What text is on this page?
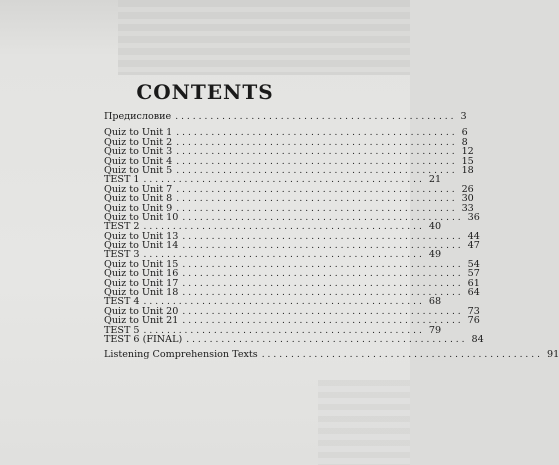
CONTENTS
Предисловие ................................................ 3
Quiz to Unit 1 ................................................ 6
Quiz to Unit 2 ................................................ 8
Quiz to Unit 3 ................................................ 12
Quiz to Unit 4 ................................................ 15
Quiz to Unit 5 ................................................ 18
TEST 1 ................................................ 21
Quiz to Unit 7 ................................................ 26
Quiz to Unit 8 ................................................ 30
Quiz to Unit 9 ................................................ 33
Quiz to Unit 10 ................................................ 36
TEST 2 ................................................ 40
Quiz to Unit 13 ................................................ 44
Quiz to Unit 14 ................................................ 47
TEST 3 ................................................ 49
Quiz to Unit 15 ................................................ 54
Quiz to Unit 16 ................................................ 57
Quiz to Unit 17 ................................................ 61
Quiz to Unit 18 ................................................ 64
TEST 4 ................................................ 68
Quiz to Unit 20 ................................................ 73
Quiz to Unit 21 ................................................ 76
TEST 5 ................................................ 79
TEST 6 (FINAL) ................................................ 84
Listening Comprehension Texts ................................................ 91
